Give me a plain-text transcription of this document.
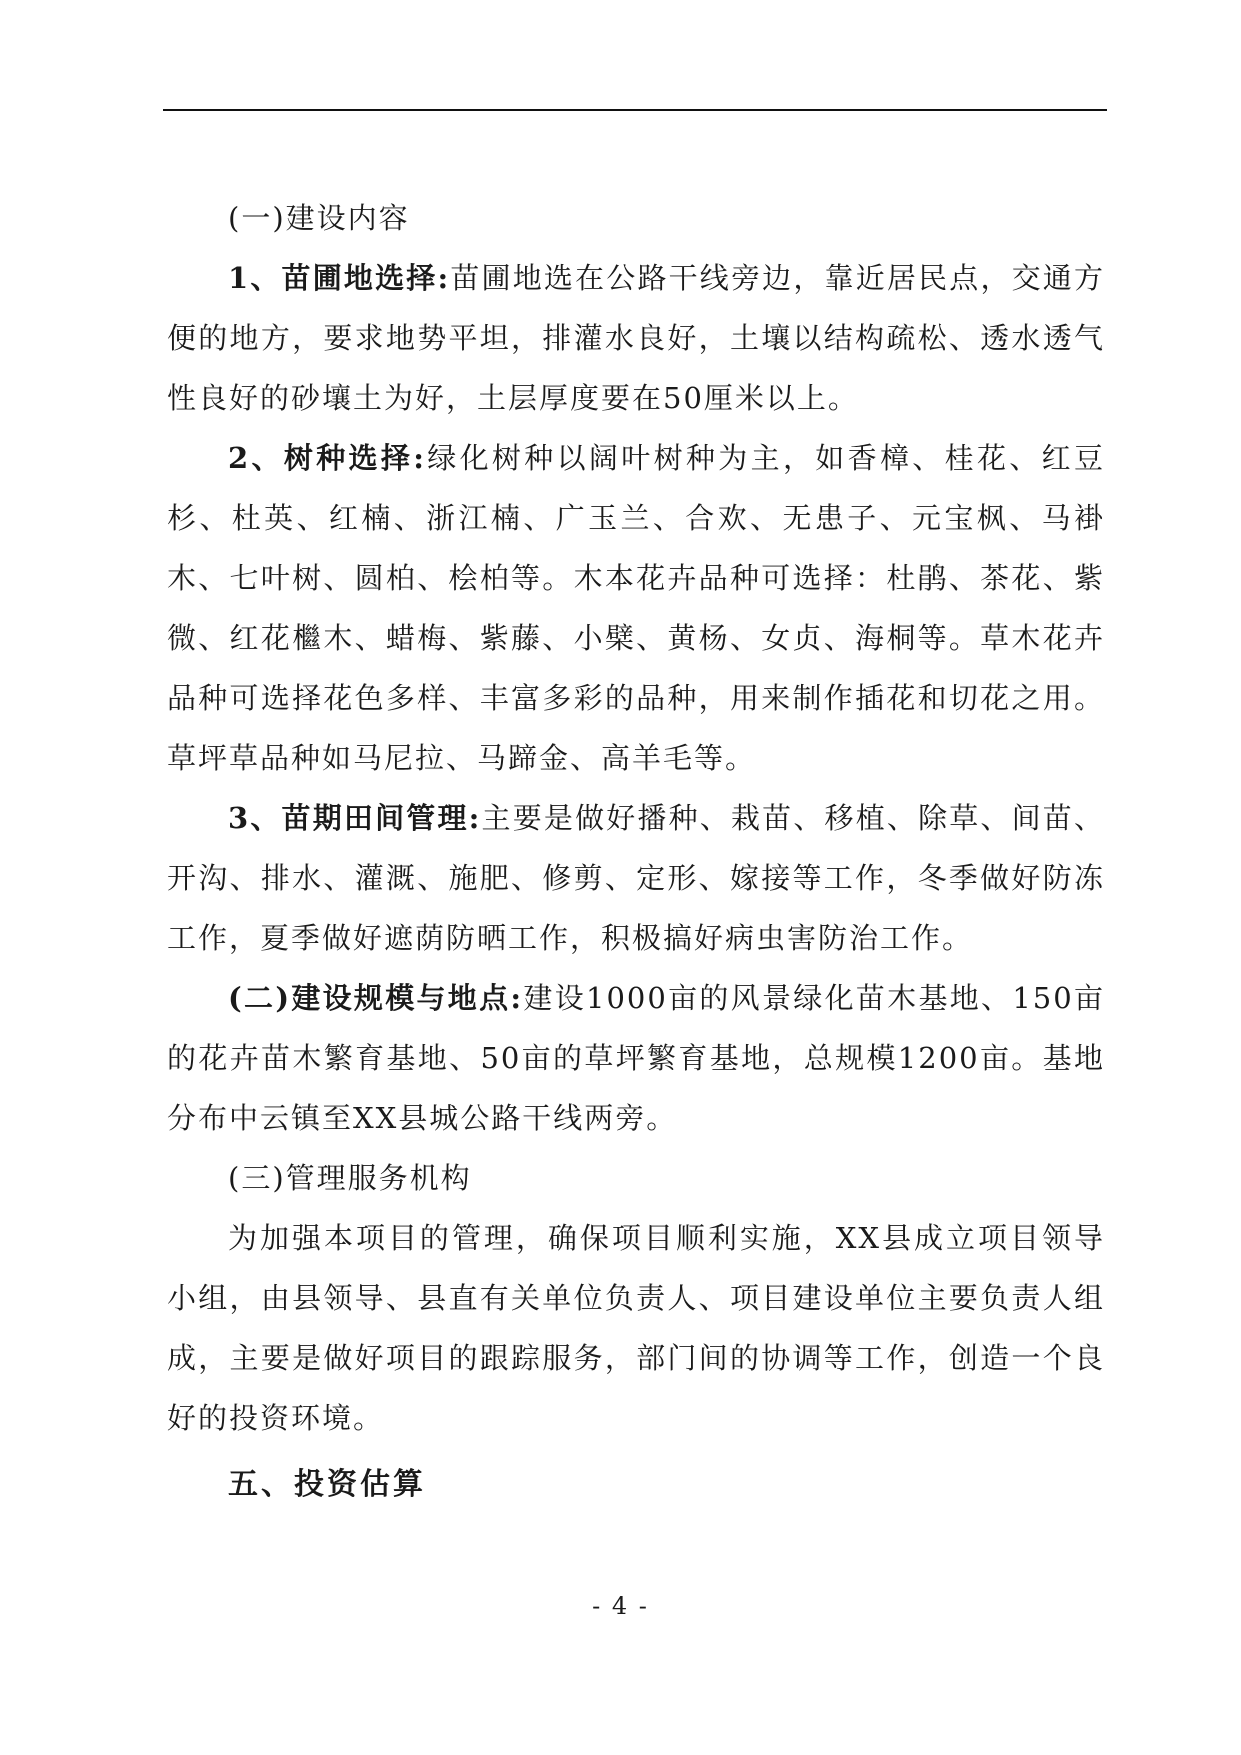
(一)建设内容

1、苗圃地选择:苗圃地选在公路干线旁边，靠近居民点，交通方便的地方，要求地势平坦，排灌水良好，土壤以结构疏松、透水透气性良好的砂壤土为好，土层厚度要在50厘米以上。

2、树种选择:绿化树种以阔叶树种为主，如香樟、桂花、红豆杉、杜英、红楠、浙江楠、广玉兰、合欢、无患子、元宝枫、马褂木、七叶树、圆柏、桧柏等。木本花卉品种可选择：杜鹃、茶花、紫微、红花檵木、蜡梅、紫藤、小檗、黄杨、女贞、海桐等。草木花卉品种可选择花色多样、丰富多彩的品种，用来制作插花和切花之用。草坪草品种如马尼拉、马蹄金、高羊毛等。

3、苗期田间管理:主要是做好播种、栽苗、移植、除草、间苗、开沟、排水、灌溉、施肥、修剪、定形、嫁接等工作，冬季做好防冻工作，夏季做好遮荫防晒工作，积极搞好病虫害防治工作。

(二)建设规模与地点:建设1000亩的风景绿化苗木基地、150亩的花卉苗木繁育基地、50亩的草坪繁育基地，总规模1200亩。基地分布中云镇至XX县城公路干线两旁。

(三)管理服务机构

为加强本项目的管理，确保项目顺利实施，XX县成立项目领导小组，由县领导、县直有关单位负责人、项目建设单位主要负责人组成，主要是做好项目的跟踪服务，部门间的协调等工作，创造一个良好的投资环境。

五、投资估算

- 4 -
